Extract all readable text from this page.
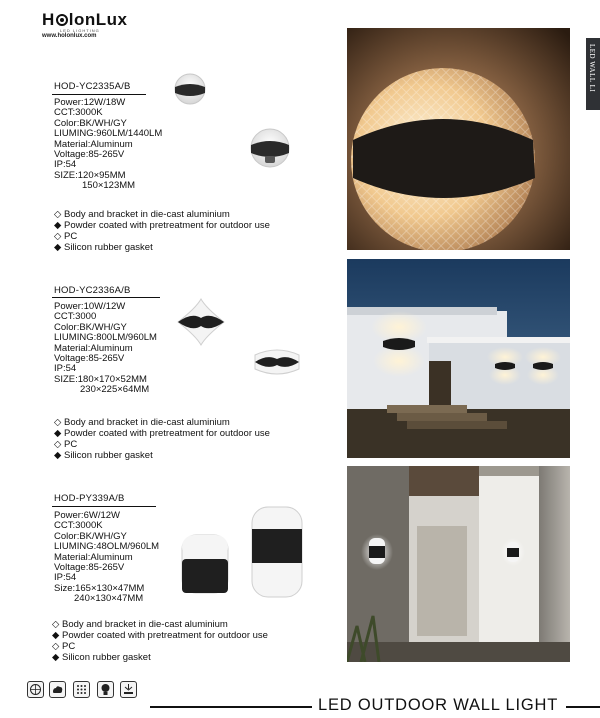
H lonLux
LED LIGHTING
www.holonlux.com
LED WALL LI
HOD-YC2335A/B
Power:12W/18W
CCT:3000K
Color:BK/WH/GY
LIUMING:960LM/1440LM
Material:Aluminum
Voltage:85-265V
IP:54
SIZE:120×95MM
150×123MM
◇ Body and bracket in die-cast aluminium
◆ Powder coated with pretreatment for outdoor use
◇ PC
◆ Silicon rubber gasket
HOD-YC2336A/B
Power:10W/12W
CCT:3000
Color:BK/WH/GY
LIUMING:800LM/960LM
Material:Aluminum
Voltage:85-265V
IP:54
SIZE:180×170×52MM
230×225×64MM
◇ Body and bracket in die-cast aluminium
◆ Powder coated with pretreatment for outdoor use
◇ PC
◆ Silicon rubber gasket
HOD-PY339A/B
Power:6W/12W
CCT:3000K
Color:BK/WH/GY
LIUMING:48OLM/960LM
Material:Aluminum
Voltage:85-265V
IP:54
Size:165×130×47MM
240×130×47MM
◇ Body and bracket in die-cast aluminium
◆ Powder coated with pretreatment for outdoor use
◇ PC
◆ Silicon rubber gasket
LED OUTDOOR WALL LIGHT
